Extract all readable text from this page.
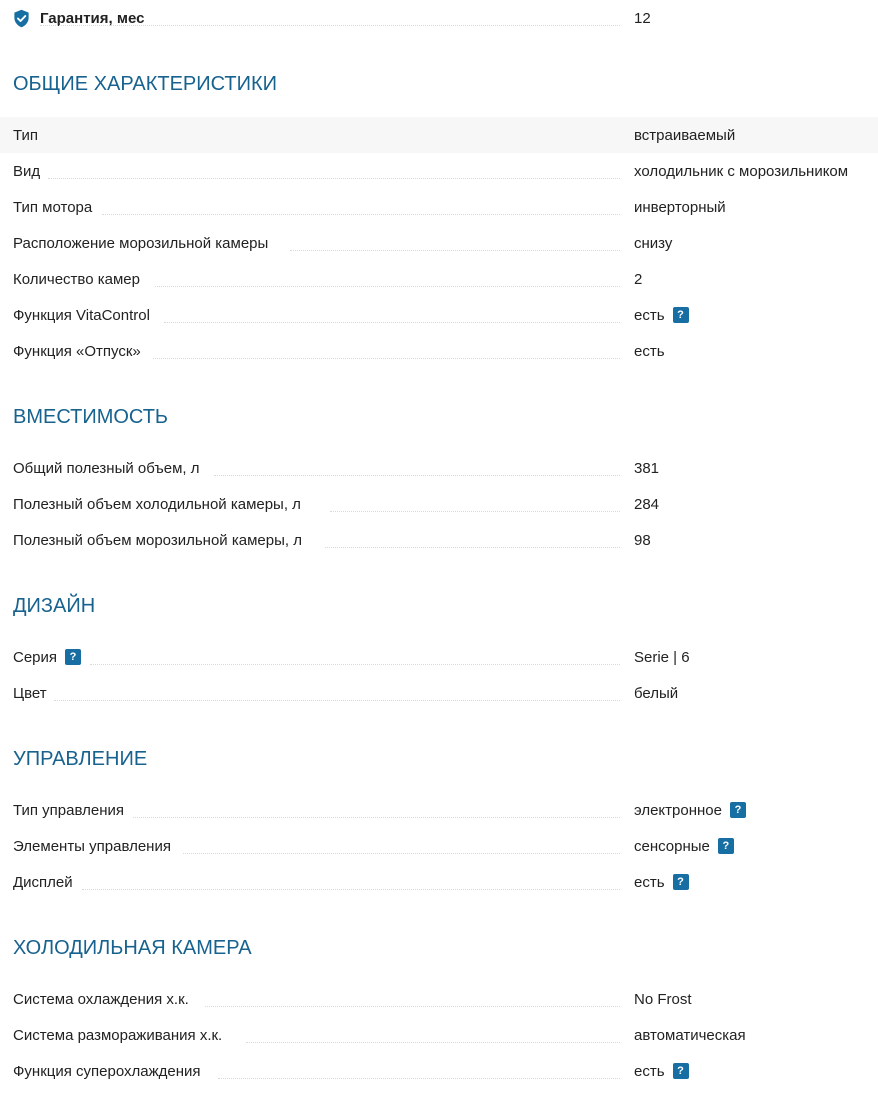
Гарантия, мес	12
ОБЩИЕ ХАРАКТЕРИСТИКИ
Тип	встраиваемый
Вид	холодильник с морозильником
Тип мотора	инверторный
Расположение морозильной камеры	снизу
Количество камер	2
Функция VitaControl	есть	?
Функция «Отпуск»	есть
ВМЕСТИМОСТЬ
Общий полезный объем, л	381
Полезный объем холодильной камеры, л	284
Полезный объем морозильной камеры, л	98
ДИЗАЙН
Серия	?	Serie | 6
Цвет	белый
УПРАВЛЕНИЕ
Тип управления	электронное	?
Элементы управления	сенсорные	?
Дисплей	есть	?
ХОЛОДИЛЬНАЯ КАМЕРА
Система охлаждения х.к.	No Frost
Система размораживания х.к.	автоматическая
Функция суперохлаждения	есть	?
